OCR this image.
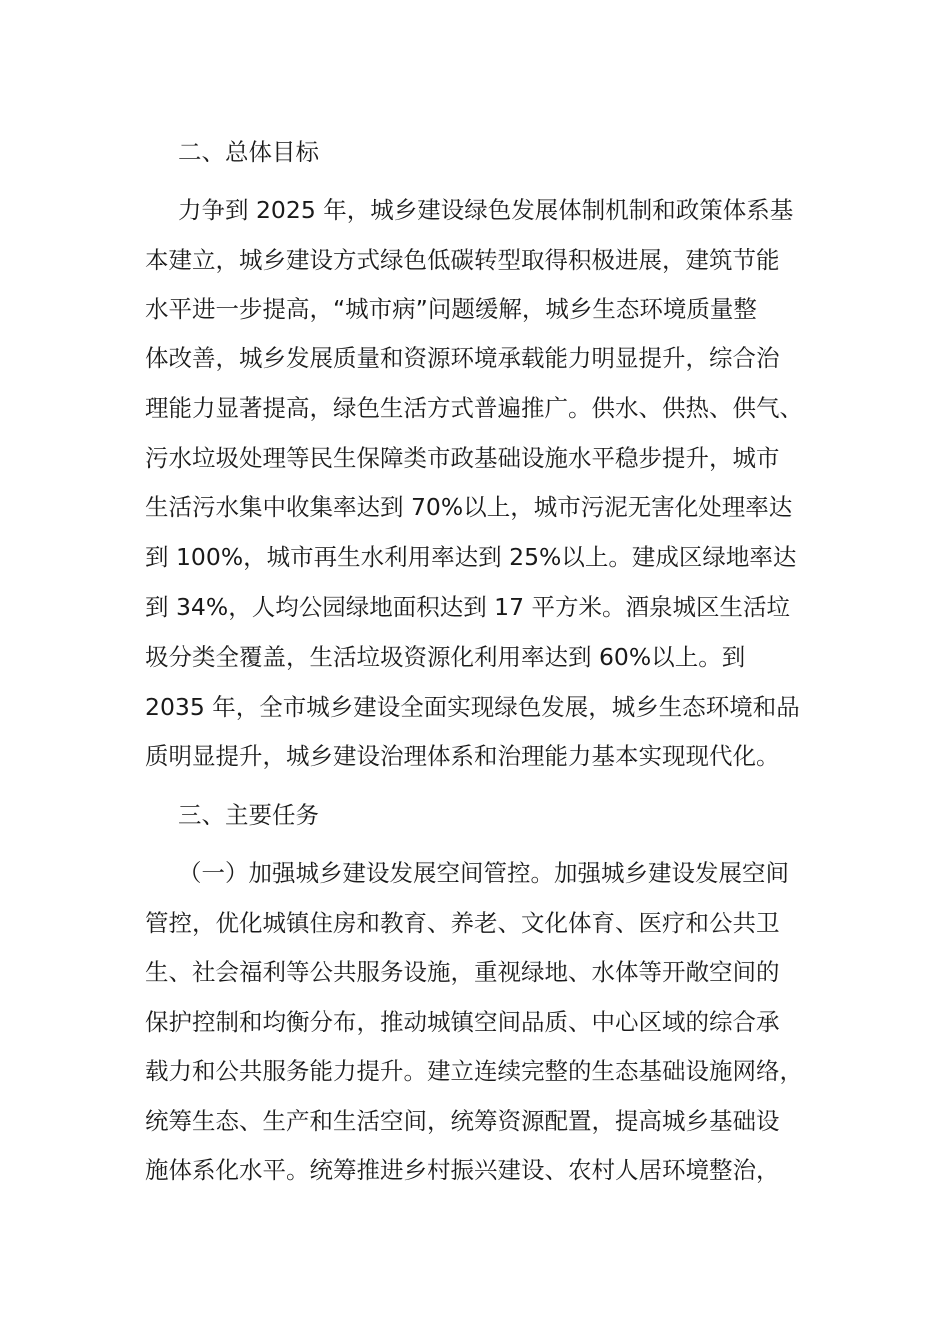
二、总体目标
力争到 2025 年，城乡建设绿色发展体制机制和政策体系基
本建立，城乡建设方式绿色低碳转型取得积极进展，建筑节能
水平进一步提高，“城市病”问题缓解，城乡生态环境质量整
体改善，城乡发展质量和资源环境承载能力明显提升，综合治
理能力显著提高，绿色生活方式普遍推广。供水、供热、供气、
污水垃圾处理等民生保障类市政基础设施水平稳步提升，城市
生活污水集中收集率达到 70%以上，城市污泥无害化处理率达
到 100%，城市再生水利用率达到 25%以上。建成区绿地率达
到 34%，人均公园绿地面积达到 17 平方米。酒泉城区生活垃
圾分类全覆盖，生活垃圾资源化利用率达到 60%以上。到
2035 年，全市城乡建设全面实现绿色发展，城乡生态环境和品
质明显提升，城乡建设治理体系和治理能力基本实现现代化。
三、主要任务
（一）加强城乡建设发展空间管控。加强城乡建设发展空间
管控，优化城镇住房和教育、养老、文化体育、医疗和公共卫
生、社会福利等公共服务设施，重视绿地、水体等开敞空间的
保护控制和均衡分布，推动城镇空间品质、中心区域的综合承
载力和公共服务能力提升。建立连续完整的生态基础设施网络，
统筹生态、生产和生活空间，统筹资源配置，提高城乡基础设
施体系化水平。统筹推进乡村振兴建设、农村人居环境整治，
